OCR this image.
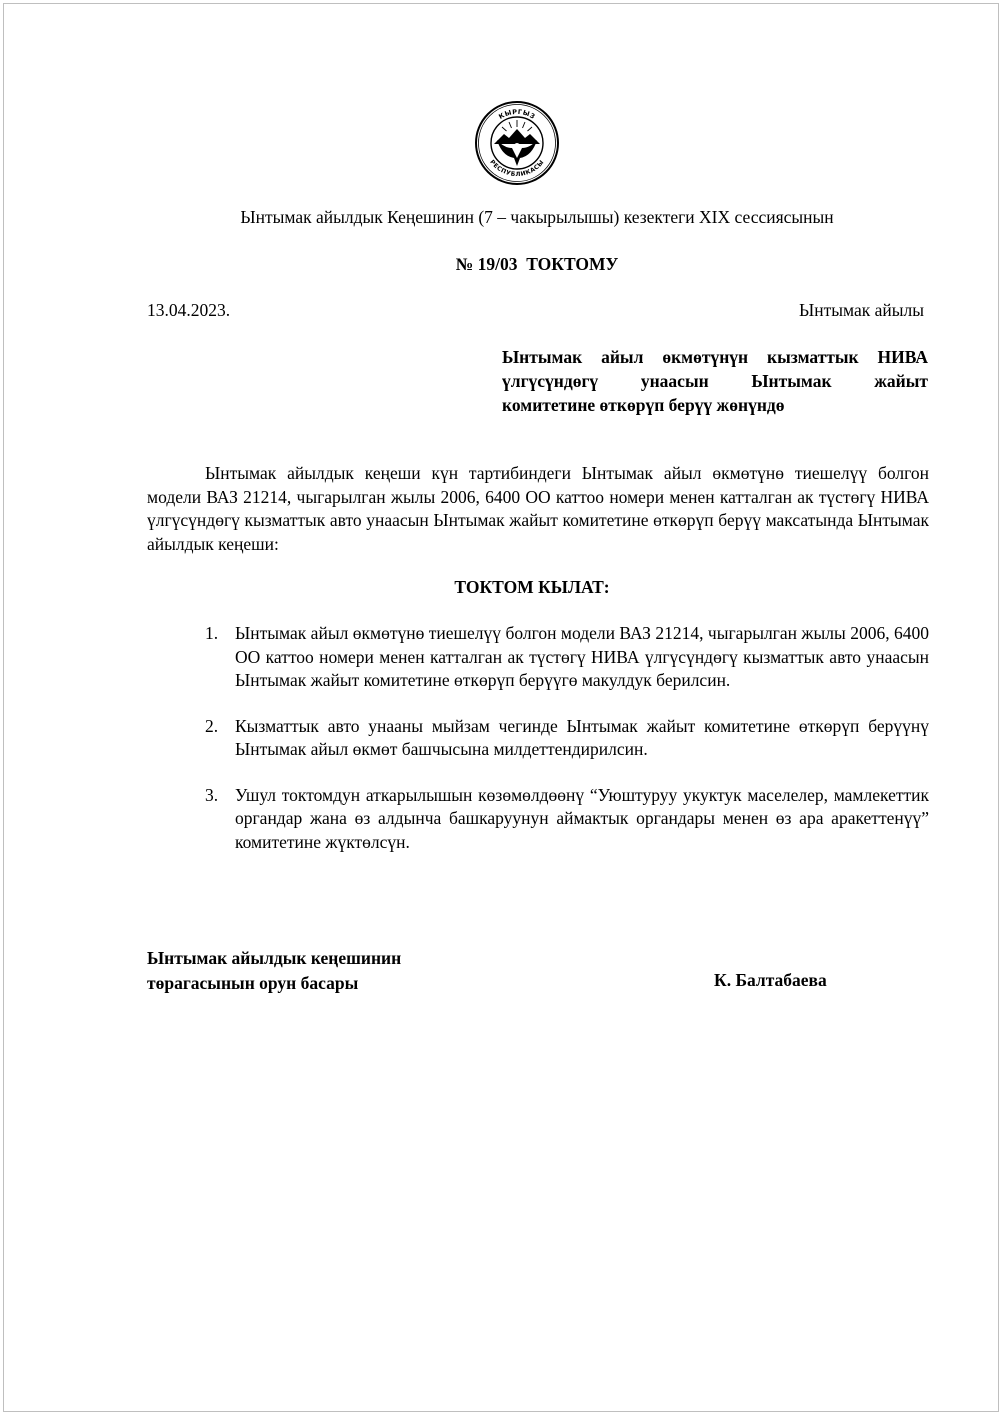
КЫРГЫЗ
РЕСПУБЛИКАСЫ
Ынтымак айылдык Кеңешинин (7 – чакырылышы) кезектеги XIX сессиясынын
№ 19/03  ТОКТОМУ
13.04.2023.	Ынтымак айылы
Ынтымак айыл өкмөтүнүн кызматтык НИВА
үлгүсүндөгү унаасын Ынтымак жайыт
комитетине өткөрүп берүү жөнүндө

Ынтымак айылдык кеңеши күн тартибиндеги Ынтымак айыл өкмөтүнө тиешелүү болгон модели ВАЗ 21214, чыгарылган жылы 2006, 6400 ОО каттоо номери менен катталган ак түстөгү НИВА үлгүсүндөгү кызматтык авто унаасын Ынтымак жайыт комитетине өткөрүп берүү максатында Ынтымак айылдык кеңеши:

ТОКТОМ КЫЛАТ:
1. Ынтымак айыл өкмөтүнө тиешелүү болгон модели ВАЗ 21214, чыгарылган жылы 2006, 6400 ОО каттоо номери менен катталган ак түстөгү НИВА үлгүсүндөгү кызматтык авто унаасын Ынтымак жайыт комитетине өткөрүп берүүгө макулдук берилсин.
2. Кызматтык авто унааны мыйзам чегинде Ынтымак жайыт комитетине өткөрүп берүүнү Ынтымак айыл өкмөт башчысына милдеттендирилсин.
3. Ушул токтомдун аткарылышын көзөмөлдөөнү “Уюштуруу укуктук маселелер, мамлекеттик органдар жана өз алдынча башкаруунун аймактык органдары менен өз ара аракеттенүү” комитетине жүктөлсүн.
Ынтымак айылдык кеңешинин
төрагасынын орун басары	К. Балтабаева
